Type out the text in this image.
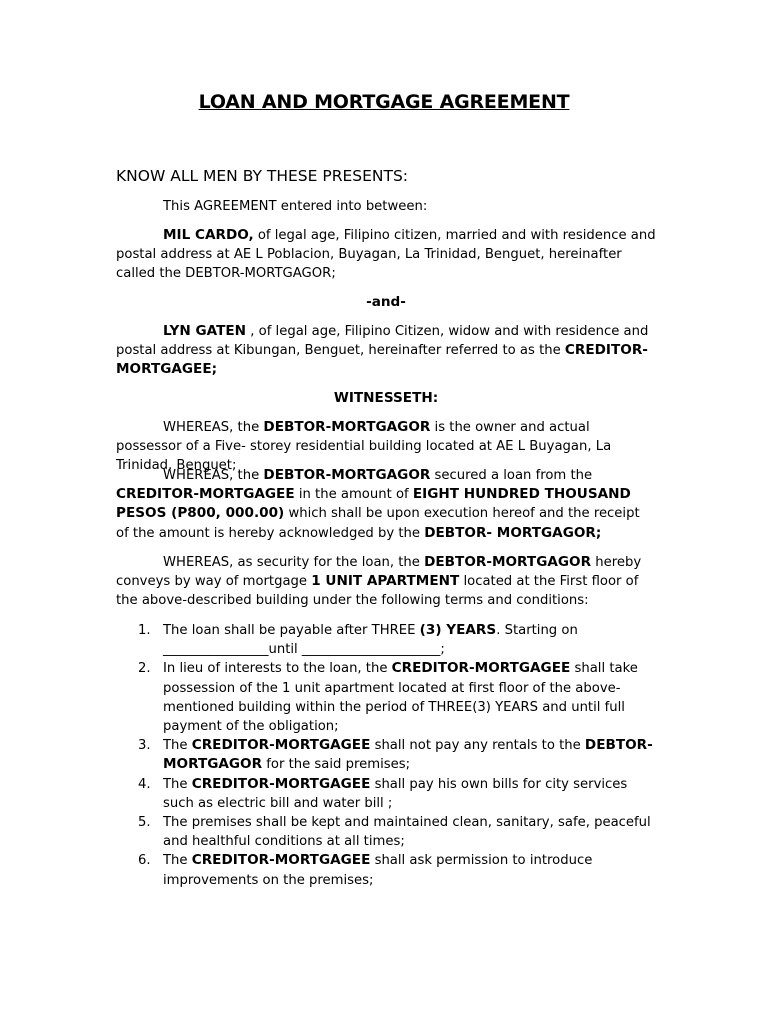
LOAN AND MORTGAGE AGREEMENT
KNOW ALL MEN BY THESE PRESENTS:
This AGREEMENT entered into between:
MIL CARDO, of legal age, Filipino citizen, married and with residence and postal address at AE L Poblacion, Buyagan, La Trinidad, Benguet, hereinafter called the DEBTOR-MORTGAGOR;
-and-
LYN GATEN , of legal age, Filipino Citizen, widow and with residence and postal address at Kibungan, Benguet, hereinafter referred to as the CREDITOR-MORTGAGEE;
WITNESSETH:
WHEREAS, the DEBTOR-MORTGAGOR is the owner and actual possessor of a Five- storey residential building located at AE L Buyagan, La Trinidad, Benguet;
WHEREAS, the DEBTOR-MORTGAGOR secured a loan from the CREDITOR-MORTGAGEE in the amount of EIGHT HUNDRED THOUSAND PESOS (P800, 000.00) which shall be upon execution hereof and the receipt of the amount is hereby acknowledged by the DEBTOR- MORTGAGOR;
WHEREAS, as security for the loan, the DEBTOR-MORTGAGOR hereby conveys by way of mortgage 1 UNIT APARTMENT located at the First floor of the above-described building under the following terms and conditions:
1. The loan shall be payable after THREE (3) YEARS. Starting on ________________until _____________________;
2. In lieu of interests to the loan, the CREDITOR-MORTGAGEE shall take possession of the 1 unit apartment located at first floor of the above-mentioned building within the period of THREE(3) YEARS and until full payment of the obligation;
3. The CREDITOR-MORTGAGEE shall not pay any rentals to the DEBTOR-MORTGAGOR for the said premises;
4. The CREDITOR-MORTGAGEE shall pay his own bills for city services such as electric bill and water bill ;
5. The premises shall be kept and maintained clean, sanitary, safe, peaceful and healthful conditions at all times;
6. The CREDITOR-MORTGAGEE shall ask permission to introduce improvements on the premises;
